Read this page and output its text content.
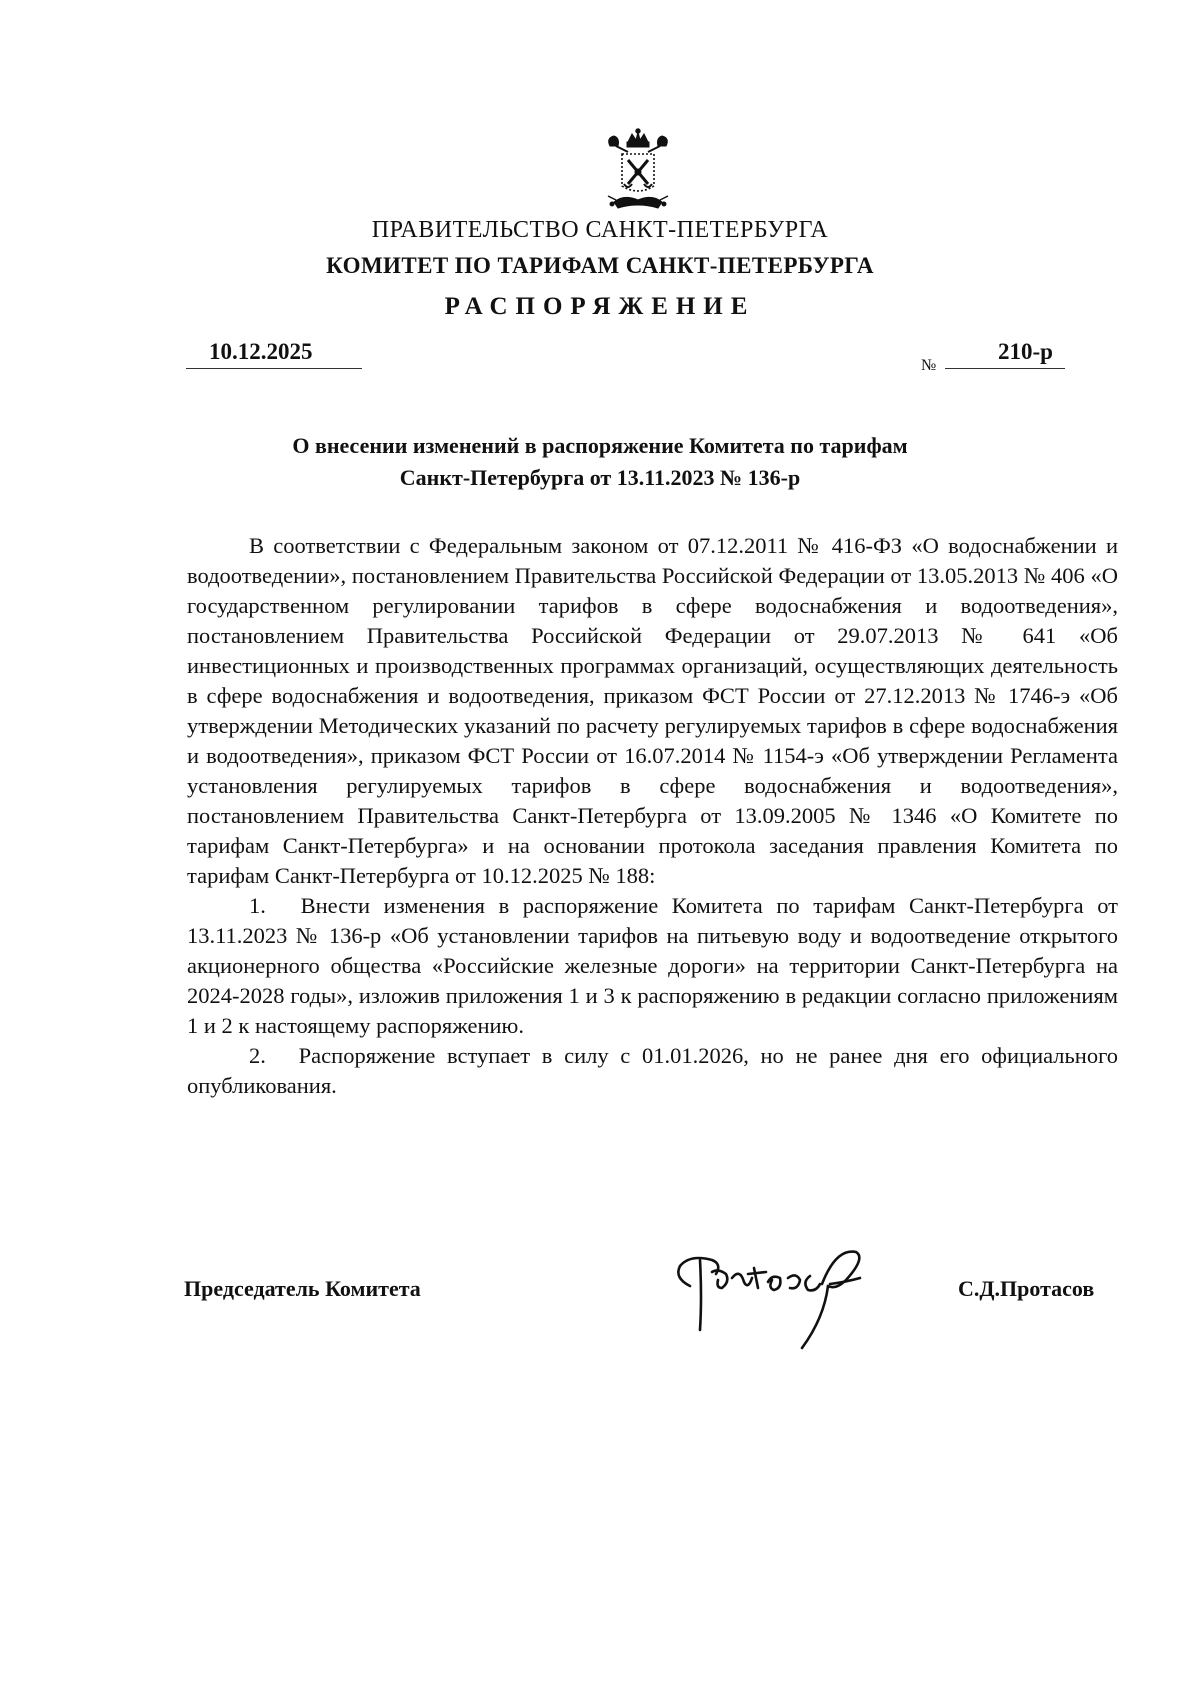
ПРАВИТЕЛЬСТВО САНКТ-ПЕТЕРБУРГА
КОМИТЕТ ПО ТАРИФАМ САНКТ-ПЕТЕРБУРГА
РАСПОРЯЖЕНИЕ
10.12.2025
№
210-р
О внесении изменений в распоряжение Комитета по тарифам
Санкт-Петербурга от 13.11.2023 № 136-р

В соответствии с Федеральным законом от 07.12.2011 № 416-ФЗ «О водоснабжении и водоотведении», постановлением Правительства Российской Федерации от 13.05.2013 № 406 «О государственном регулировании тарифов в сфере водоснабжения и водоотведения», постановлением Правительства Российской Федерации от 29.07.2013 № 641 «Об инвестиционных и производственных программах организаций, осуществляющих деятельность в сфере водоснабжения и водоотведения, приказом ФСТ России от 27.12.2013 № 1746-э «Об утверждении Методических указаний по расчету регулируемых тарифов в сфере водоснабжения и водоотведения», приказом ФСТ России от 16.07.2014 № 1154-э «Об утверждении Регламента установления регулируемых тарифов в сфере водоснабжения и водоотведения», постановлением Правительства Санкт-Петербурга от 13.09.2005 № 1346 «О Комитете по тарифам Санкт-Петербурга» и на основании протокола заседания правления Комитета по тарифам Санкт-Петербурга от 10.12.2025 № 188:

1. Внести изменения в распоряжение Комитета по тарифам Санкт-Петербурга от 13.11.2023 № 136-р «Об установлении тарифов на питьевую воду и водоотведение открытого акционерного общества «Российские железные дороги» на территории Санкт-Петербурга на 2024-2028 годы», изложив приложения 1 и 3 к распоряжению в редакции согласно приложениям 1 и 2 к настоящему распоряжению.

2. Распоряжение вступает в силу с 01.01.2026, но не ранее дня его официального опубликования.

Председатель Комитета	С.Д.Протасов
